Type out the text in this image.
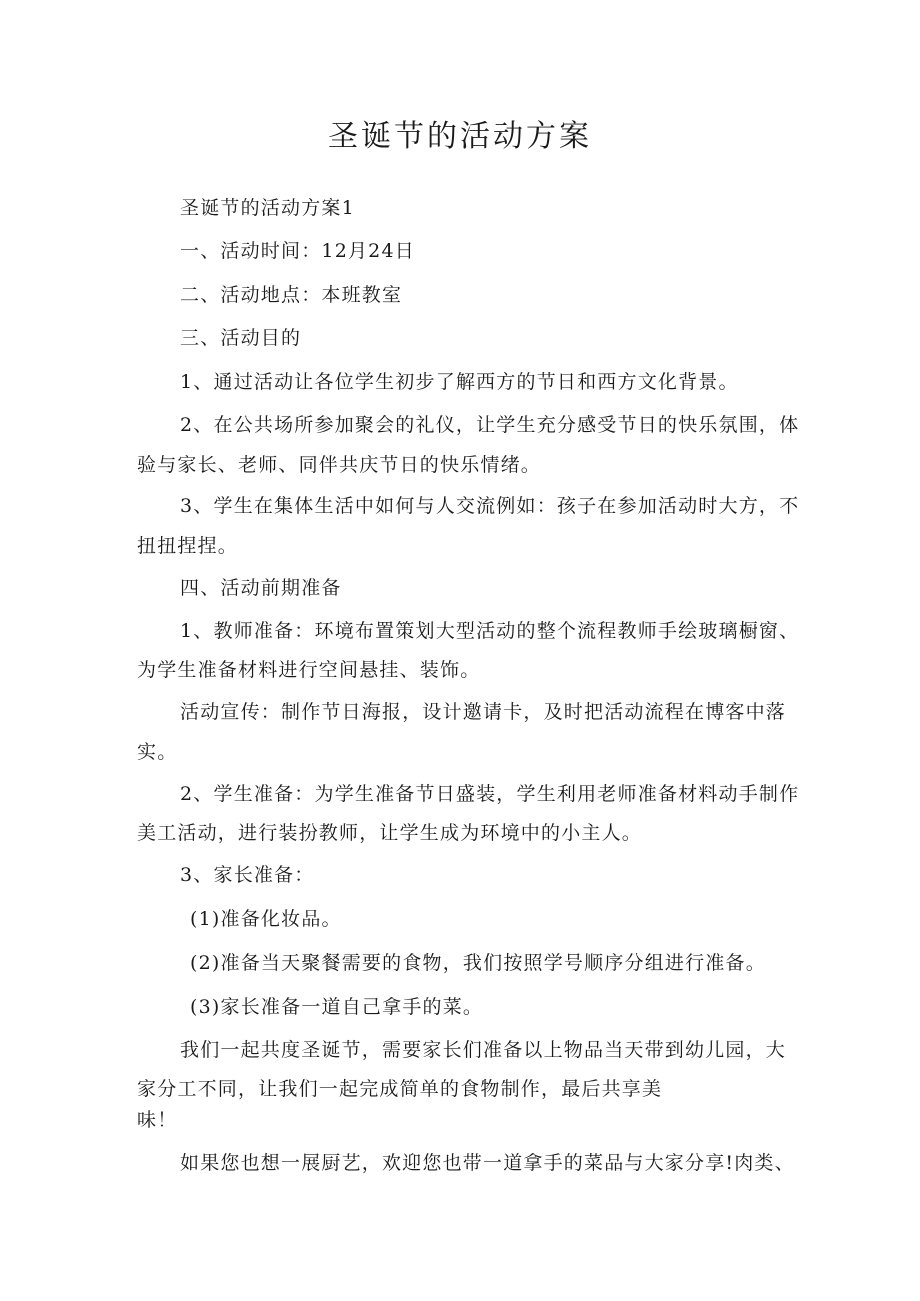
圣诞节的活动方案
圣诞节的活动方案1
一、活动时间：12月24日
二、活动地点：本班教室
三、活动目的
1、通过活动让各位学生初步了解西方的节日和西方文化背景。
2、在公共场所参加聚会的礼仪，让学生充分感受节日的快乐氛围，体
验与家长、老师、同伴共庆节日的快乐情绪。
3、学生在集体生活中如何与人交流例如：孩子在参加活动时大方，不
扭扭捏捏。
四、活动前期准备
1、教师准备：环境布置策划大型活动的整个流程教师手绘玻璃橱窗、
为学生准备材料进行空间悬挂、装饰。
活动宣传：制作节日海报，设计邀请卡，及时把活动流程在博客中落
实。
2、学生准备：为学生准备节日盛装，学生利用老师准备材料动手制作
美工活动，进行装扮教师，让学生成为环境中的小主人。
3、家长准备：
(1)准备化妆品。
(2)准备当天聚餐需要的食物，我们按照学号顺序分组进行准备。
(3)家长准备一道自己拿手的菜。
我们一起共度圣诞节，需要家长们准备以上物品当天带到幼儿园，大
家分工不同，让我们一起完成简单的食物制作，最后共享美
味！
如果您也想一展厨艺，欢迎您也带一道拿手的菜品与大家分享!肉类、
